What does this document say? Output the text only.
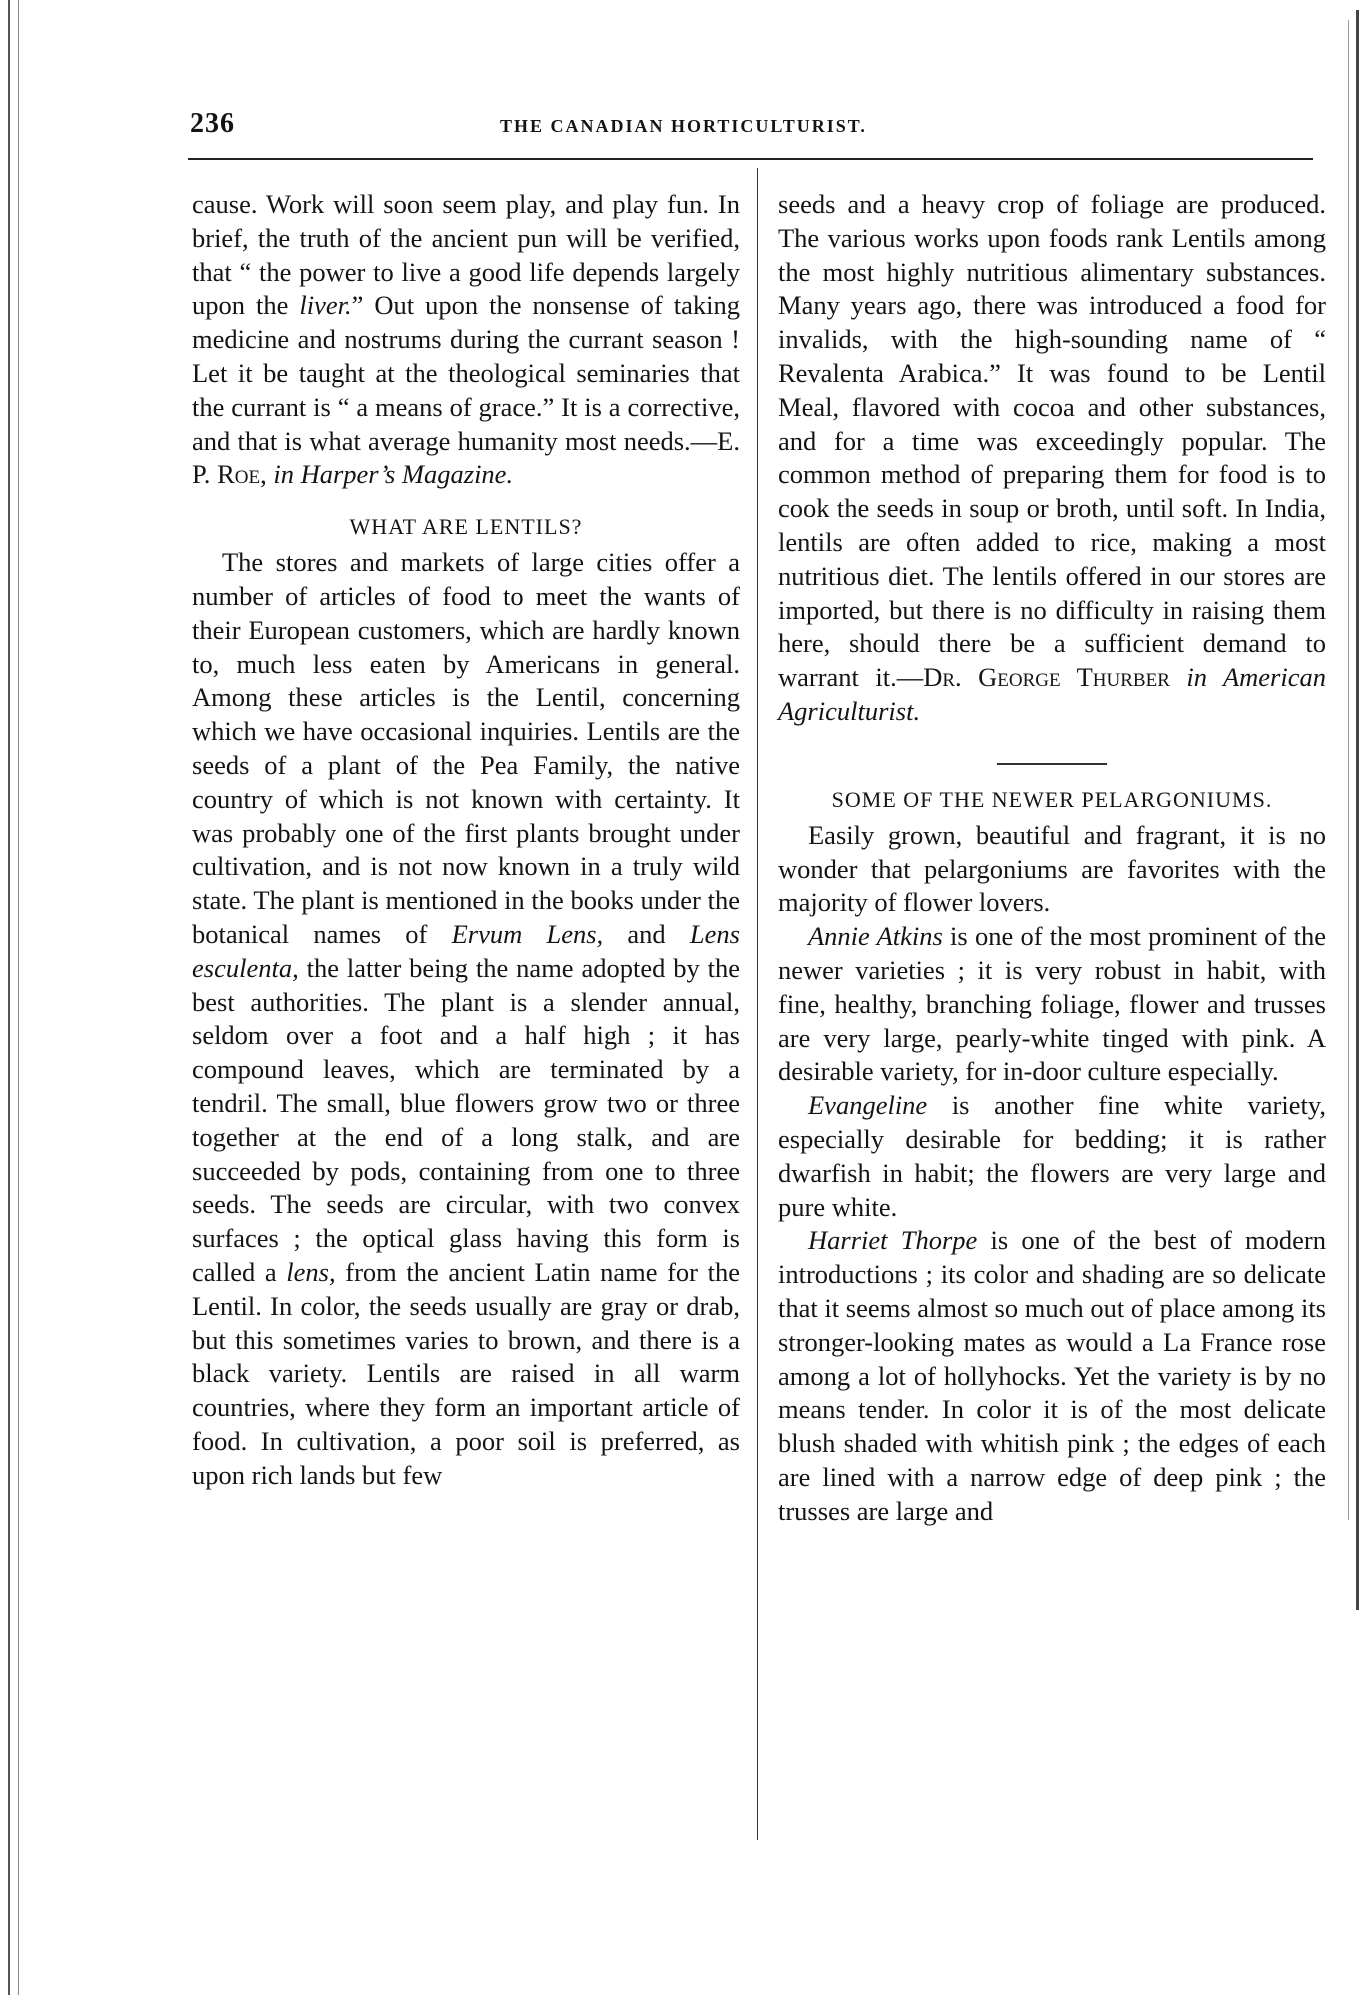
236	THE CANADIAN HORTICULTURIST.

cause. Work will soon seem play, and play fun. In brief, the truth of the ancient pun will be verified, that “ the power to live a good life depends largely upon the liver.” Out upon the nonsense of taking medicine and nostrums during the currant season ! Let it be taught at the theological seminaries that the currant is “ a means of grace.” It is a corrective, and that is what average humanity most needs.—E. P. Roe, in Harper’s Magazine.

WHAT ARE LENTILS?

The stores and markets of large cities offer a number of articles of food to meet the wants of their European customers, which are hardly known to, much less eaten by Americans in general. Among these articles is the Lentil, concerning which we have occasional inquiries. Lentils are the seeds of a plant of the Pea Family, the native country of which is not known with certainty. It was probably one of the first plants brought under cultivation, and is not now known in a truly wild state. The plant is mentioned in the books under the botanical names of Ervum Lens, and Lens esculenta, the latter being the name adopted by the best authorities. The plant is a slender annual, seldom over a foot and a half high ; it has compound leaves, which are terminated by a tendril. The small, blue flowers grow two or three together at the end of a long stalk, and are succeeded by pods, containing from one to three seeds. The seeds are circular, with two convex surfaces ; the optical glass having this form is called a lens, from the ancient Latin name for the Lentil. In color, the seeds usually are gray or drab, but this sometimes varies to brown, and there is a black variety. Lentils are raised in all warm countries, where they form an important article of food. In cultivation, a poor soil is preferred, as upon rich lands but few

seeds and a heavy crop of foliage are produced. The various works upon foods rank Lentils among the most highly nutritious alimentary substances. Many years ago, there was introduced a food for invalids, with the high-sounding name of “ Revalenta Arabica.” It was found to be Lentil Meal, flavored with cocoa and other substances, and for a time was exceedingly popular. The common method of preparing them for food is to cook the seeds in soup or broth, until soft. In India, lentils are often added to rice, making a most nutritious diet. The lentils offered in our stores are imported, but there is no difficulty in raising them here, should there be a sufficient demand to warrant it.—Dr. George Thurber in American Agriculturist.

SOME OF THE NEWER PELARGONIUMS.

Easily grown, beautiful and fragrant, it is no wonder that pelargoniums are favorites with the majority of flower lovers.

Annie Atkins is one of the most prominent of the newer varieties ; it is very robust in habit, with fine, healthy, branching foliage, flower and trusses are very large, pearly-white tinged with pink. A desirable variety, for in-door culture especially.

Evangeline is another fine white variety, especially desirable for bedding; it is rather dwarfish in habit; the flowers are very large and pure white.

Harriet Thorpe is one of the best of modern introductions ; its color and shading are so delicate that it seems almost so much out of place among its stronger-looking mates as would a La France rose among a lot of hollyhocks. Yet the variety is by no means tender. In color it is of the most delicate blush shaded with whitish pink ; the edges of each are lined with a narrow edge of deep pink ; the trusses are large and
